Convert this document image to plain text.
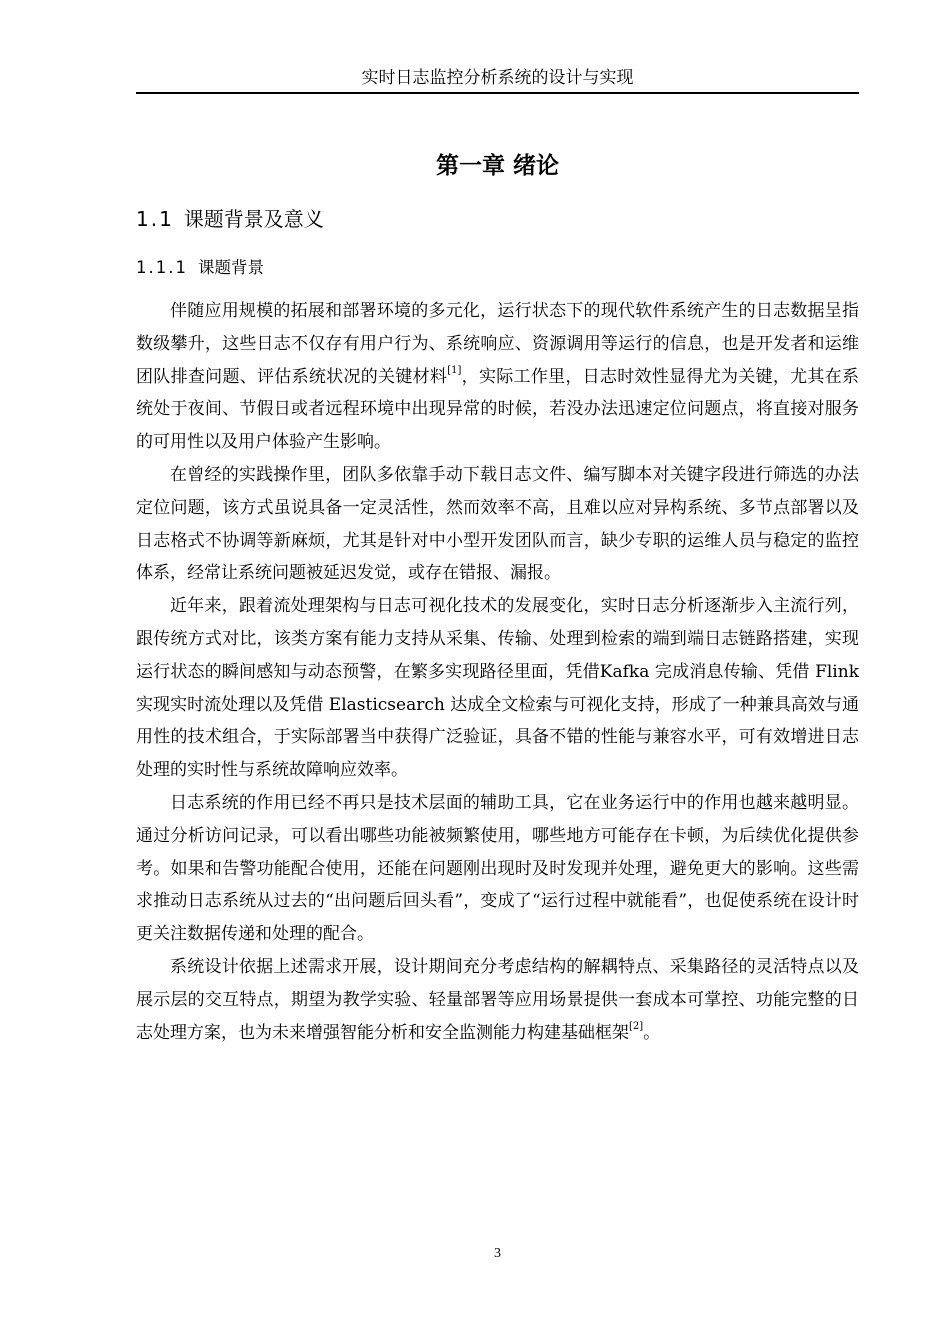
实时日志监控分析系统的设计与实现
第一章 绪论
1.1 课题背景及意义
1.1.1 课题背景

伴随应用规模的拓展和部署环境的多元化，运行状态下的现代软件系统产生的日志数据呈指数级攀升，这些日志不仅存有用户行为、系统响应、资源调用等运行的信息，也是开发者和运维团队排查问题、评估系统状况的关键材料[1]，实际工作里，日志时效性显得尤为关键，尤其在系统处于夜间、节假日或者远程环境中出现异常的时候，若没办法迅速定位问题点，将直接对服务的可用性以及用户体验产生影响。

在曾经的实践操作里，团队多依靠手动下载日志文件、编写脚本对关键字段进行筛选的办法定位问题，该方式虽说具备一定灵活性，然而效率不高，且难以应对异构系统、多节点部署以及日志格式不协调等新麻烦，尤其是针对中小型开发团队而言，缺少专职的运维人员与稳定的监控体系，经常让系统问题被延迟发觉，或存在错报、漏报。

近年来，跟着流处理架构与日志可视化技术的发展变化，实时日志分析逐渐步入主流行列，跟传统方式对比，该类方案有能力支持从采集、传输、处理到检索的端到端日志链路搭建，实现运行状态的瞬间感知与动态预警，在繁多实现路径里面，凭借Kafka 完成消息传输、凭借 Flink 实现实时流处理以及凭借 Elasticsearch 达成全文检索与可视化支持，形成了一种兼具高效与通用性的技术组合，于实际部署当中获得广泛验证，具备不错的性能与兼容水平，可有效增进日志处理的实时性与系统故障响应效率。

日志系统的作用已经不再只是技术层面的辅助工具，它在业务运行中的作用也越来越明显。通过分析访问记录，可以看出哪些功能被频繁使用，哪些地方可能存在卡顿，为后续优化提供参考。如果和告警功能配合使用，还能在问题刚出现时及时发现并处理，避免更大的影响。这些需求推动日志系统从过去的“出问题后回头看”，变成了“运行过程中就能看”，也促使系统在设计时更关注数据传递和处理的配合。

系统设计依据上述需求开展，设计期间充分考虑结构的解耦特点、采集路径的灵活特点以及展示层的交互特点，期望为教学实验、轻量部署等应用场景提供一套成本可掌控、功能完整的日志处理方案，也为未来增强智能分析和安全监测能力构建基础框架[2]。

3
